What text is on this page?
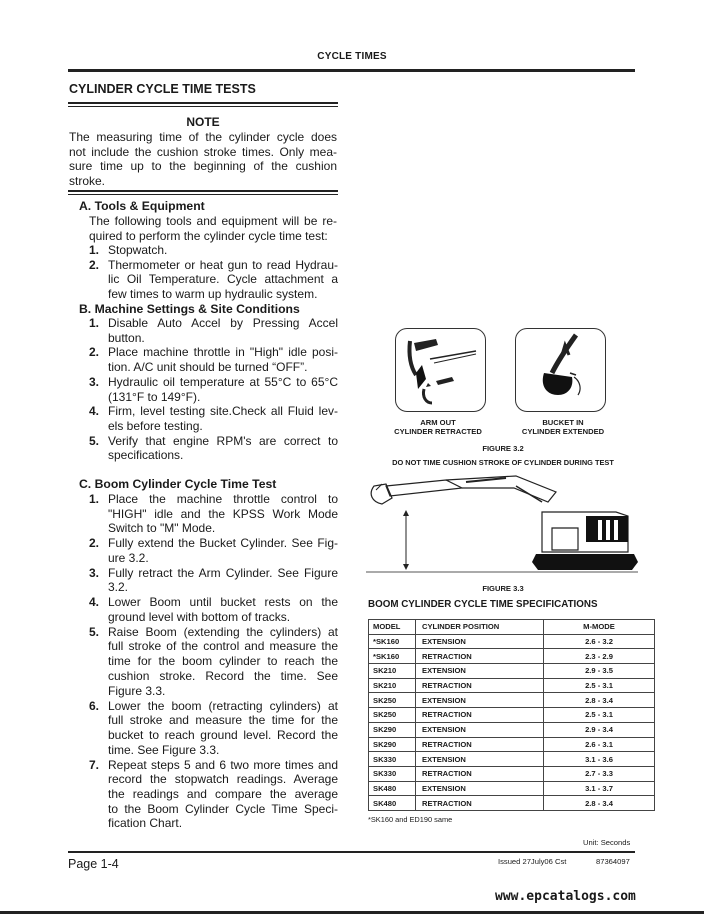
CYCLE TIMES
CYLINDER CYCLE TIME TESTS
NOTE
The measuring time of the cylinder cycle does
not include the cushion stroke times. Only mea-
sure time up to the beginning of the cushion
stroke.
A. Tools & Equipment
The following tools and equipment will be re-
quired to perform the cylinder cycle time test:
1. Stopwatch.
2. Thermometer or heat gun to read Hydrau-
lic Oil Temperature. Cycle attachment a
few times to warm up hydraulic system.
B. Machine Settings & Site Conditions
1. Disable Auto Accel by Pressing Accel
button.
2. Place machine throttle in "High" idle posi-
tion. A/C unit should be turned “OFF”.
3. Hydraulic oil temperature at 55°C to 65°C
(131°F to 149°F).
4. Firm, level testing site.Check all Fluid lev-
els before testing.
5. Verify that engine RPM's are correct to
specifications.
C. Boom Cylinder Cycle Time Test
1. Place the machine throttle control to
"HIGH" idle and the KPSS Work Mode
Switch to "M" Mode.
2. Fully extend the Bucket Cylinder. See Fig-
ure 3.2.
3. Fully retract the Arm Cylinder. See Figure
3.2.
4. Lower Boom until bucket rests on the
ground level with bottom of tracks.
5. Raise Boom (extending the cylinders) at
full stroke of the control and measure the
time for the boom cylinder to reach the
cushion stroke. Record the time. See
Figure 3.3.
6. Lower the boom (retracting cylinders) at
full stroke and measure the time for the
bucket to reach ground level. Record the
time. See Figure 3.3.
7. Repeat steps 5 and 6 two more times and
record the stopwatch readings. Average
the readings and compare the average
to the Boom Cylinder Cycle Time Speci-
fication Chart.
ARM OUT
CYLINDER RETRACTED
BUCKET IN
CYLINDER EXTENDED
FIGURE 3.2
DO NOT TIME CUSHION STROKE OF CYLINDER DURING TEST
FIGURE 3.3
BOOM CYLINDER CYCLE TIME SPECIFICATIONS
MODEL	CYLINDER POSITION	M-MODE
*SK160	EXTENSION	2.6 - 3.2
*SK160	RETRACTION	2.3 - 2.9
SK210	EXTENSION	2.9 - 3.5
SK210	RETRACTION	2.5 - 3.1
SK250	EXTENSION	2.8 - 3.4
SK250	RETRACTION	2.5 - 3.1
SK290	EXTENSION	2.9 - 3.4
SK290	RETRACTION	2.6 - 3.1
SK330	EXTENSION	3.1 - 3.6
SK330	RETRACTION	2.7 - 3.3
SK480	EXTENSION	3.1 - 3.7
SK480	RETRACTION	2.8 - 3.4
*SK160 and ED190 same
Unit: Seconds
Page 1-4	Issued 27July06 Cst	87364097
www.epcatalogs.com
